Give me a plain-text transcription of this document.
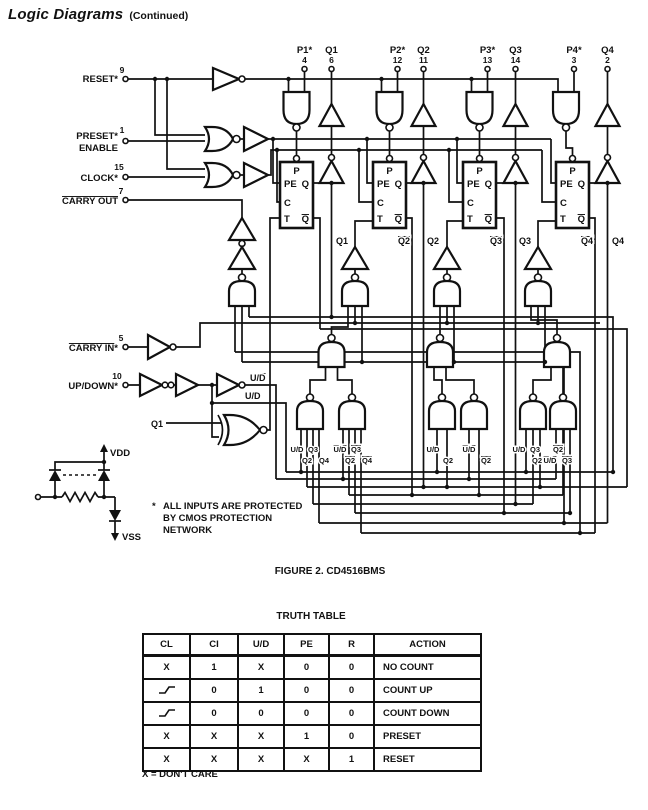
Logic Diagrams (Continued)
P1*
4
Q1
6
P2*
12
Q2
11
P3*
13
Q3
14
P4*
3
Q4
2
RESET*
9
PRESET*
ENABLE
1
CLOCK*
15
CARRY OUT
7
CARRY IN*
5
UP/DOWN*
10
P
PE
C
T
Q
Q
P
PE
C
T
Q
Q
P
PE
C
T
Q
Q
P
PE
C
T
Q
Q
Q1	Q2 Q2	Q3 Q3	Q4 Q4
U/D
U/D
Q1
U/D Q3
Q2 Q4
U/D Q3
Q2 Q4
U/D
Q2
U/D
Q2
U/D Q3
Q2
Q2
U/D Q3
VDD
VSS
* ALL INPUTS ARE PROTECTED
BY CMOS PROTECTION
NETWORK
FIGURE 2. CD4516BMS
TRUTH TABLE
CL	CI	U/D	PE	R	ACTION
X	1	X	0	0	NO COUNT
	0	1	0	0	COUNT UP
	0	0	0	0	COUNT DOWN
X	X	X	1	0	PRESET
X	X	X	X	1	RESET
X = DON'T CARE
